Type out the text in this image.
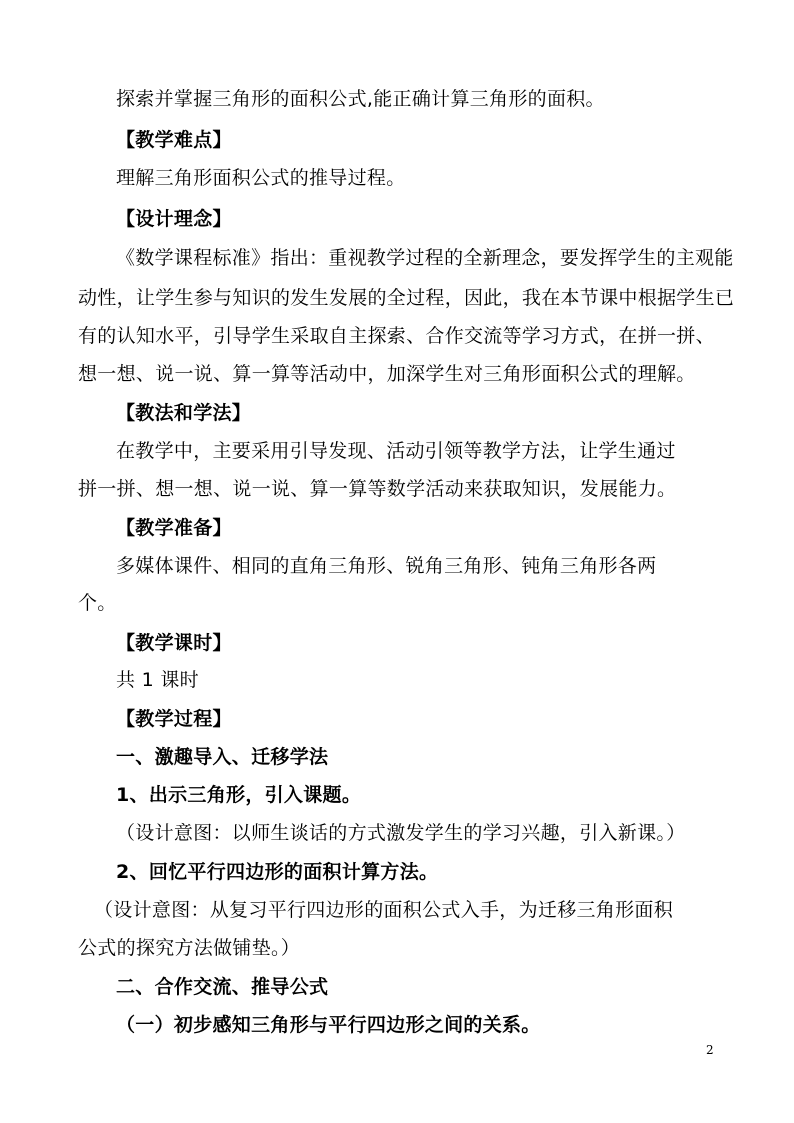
探索并掌握三角形的面积公式,能正确计算三角形的面积。
【教学难点】
理解三角形面积公式的推导过程。
【设计理念】
《数学课程标准》指出：重视教学过程的全新理念，要发挥学生的主观能
动性，让学生参与知识的发生发展的全过程，因此，我在本节课中根据学生已
有的认知水平，引导学生采取自主探索、合作交流等学习方式，在拼一拼、
想一想、说一说、算一算等活动中，加深学生对三角形面积公式的理解。
【教法和学法】
在教学中，主要采用引导发现、活动引领等教学方法，让学生通过
拼一拼、想一想、说一说、算一算等数学活动来获取知识，发展能力。
【教学准备】
多媒体课件、相同的直角三角形、锐角三角形、钝角三角形各两
个。
【教学课时】
共 1 课时
【教学过程】
一、激趣导入、迁移学法
1、出示三角形，引入课题。
（设计意图：以师生谈话的方式激发学生的学习兴趣，引入新课。）
2、回忆平行四边形的面积计算方法。
（设计意图：从复习平行四边形的面积公式入手，为迁移三角形面积
公式的探究方法做铺垫。）
二、合作交流、推导公式
（一）初步感知三角形与平行四边形之间的关系。
2
